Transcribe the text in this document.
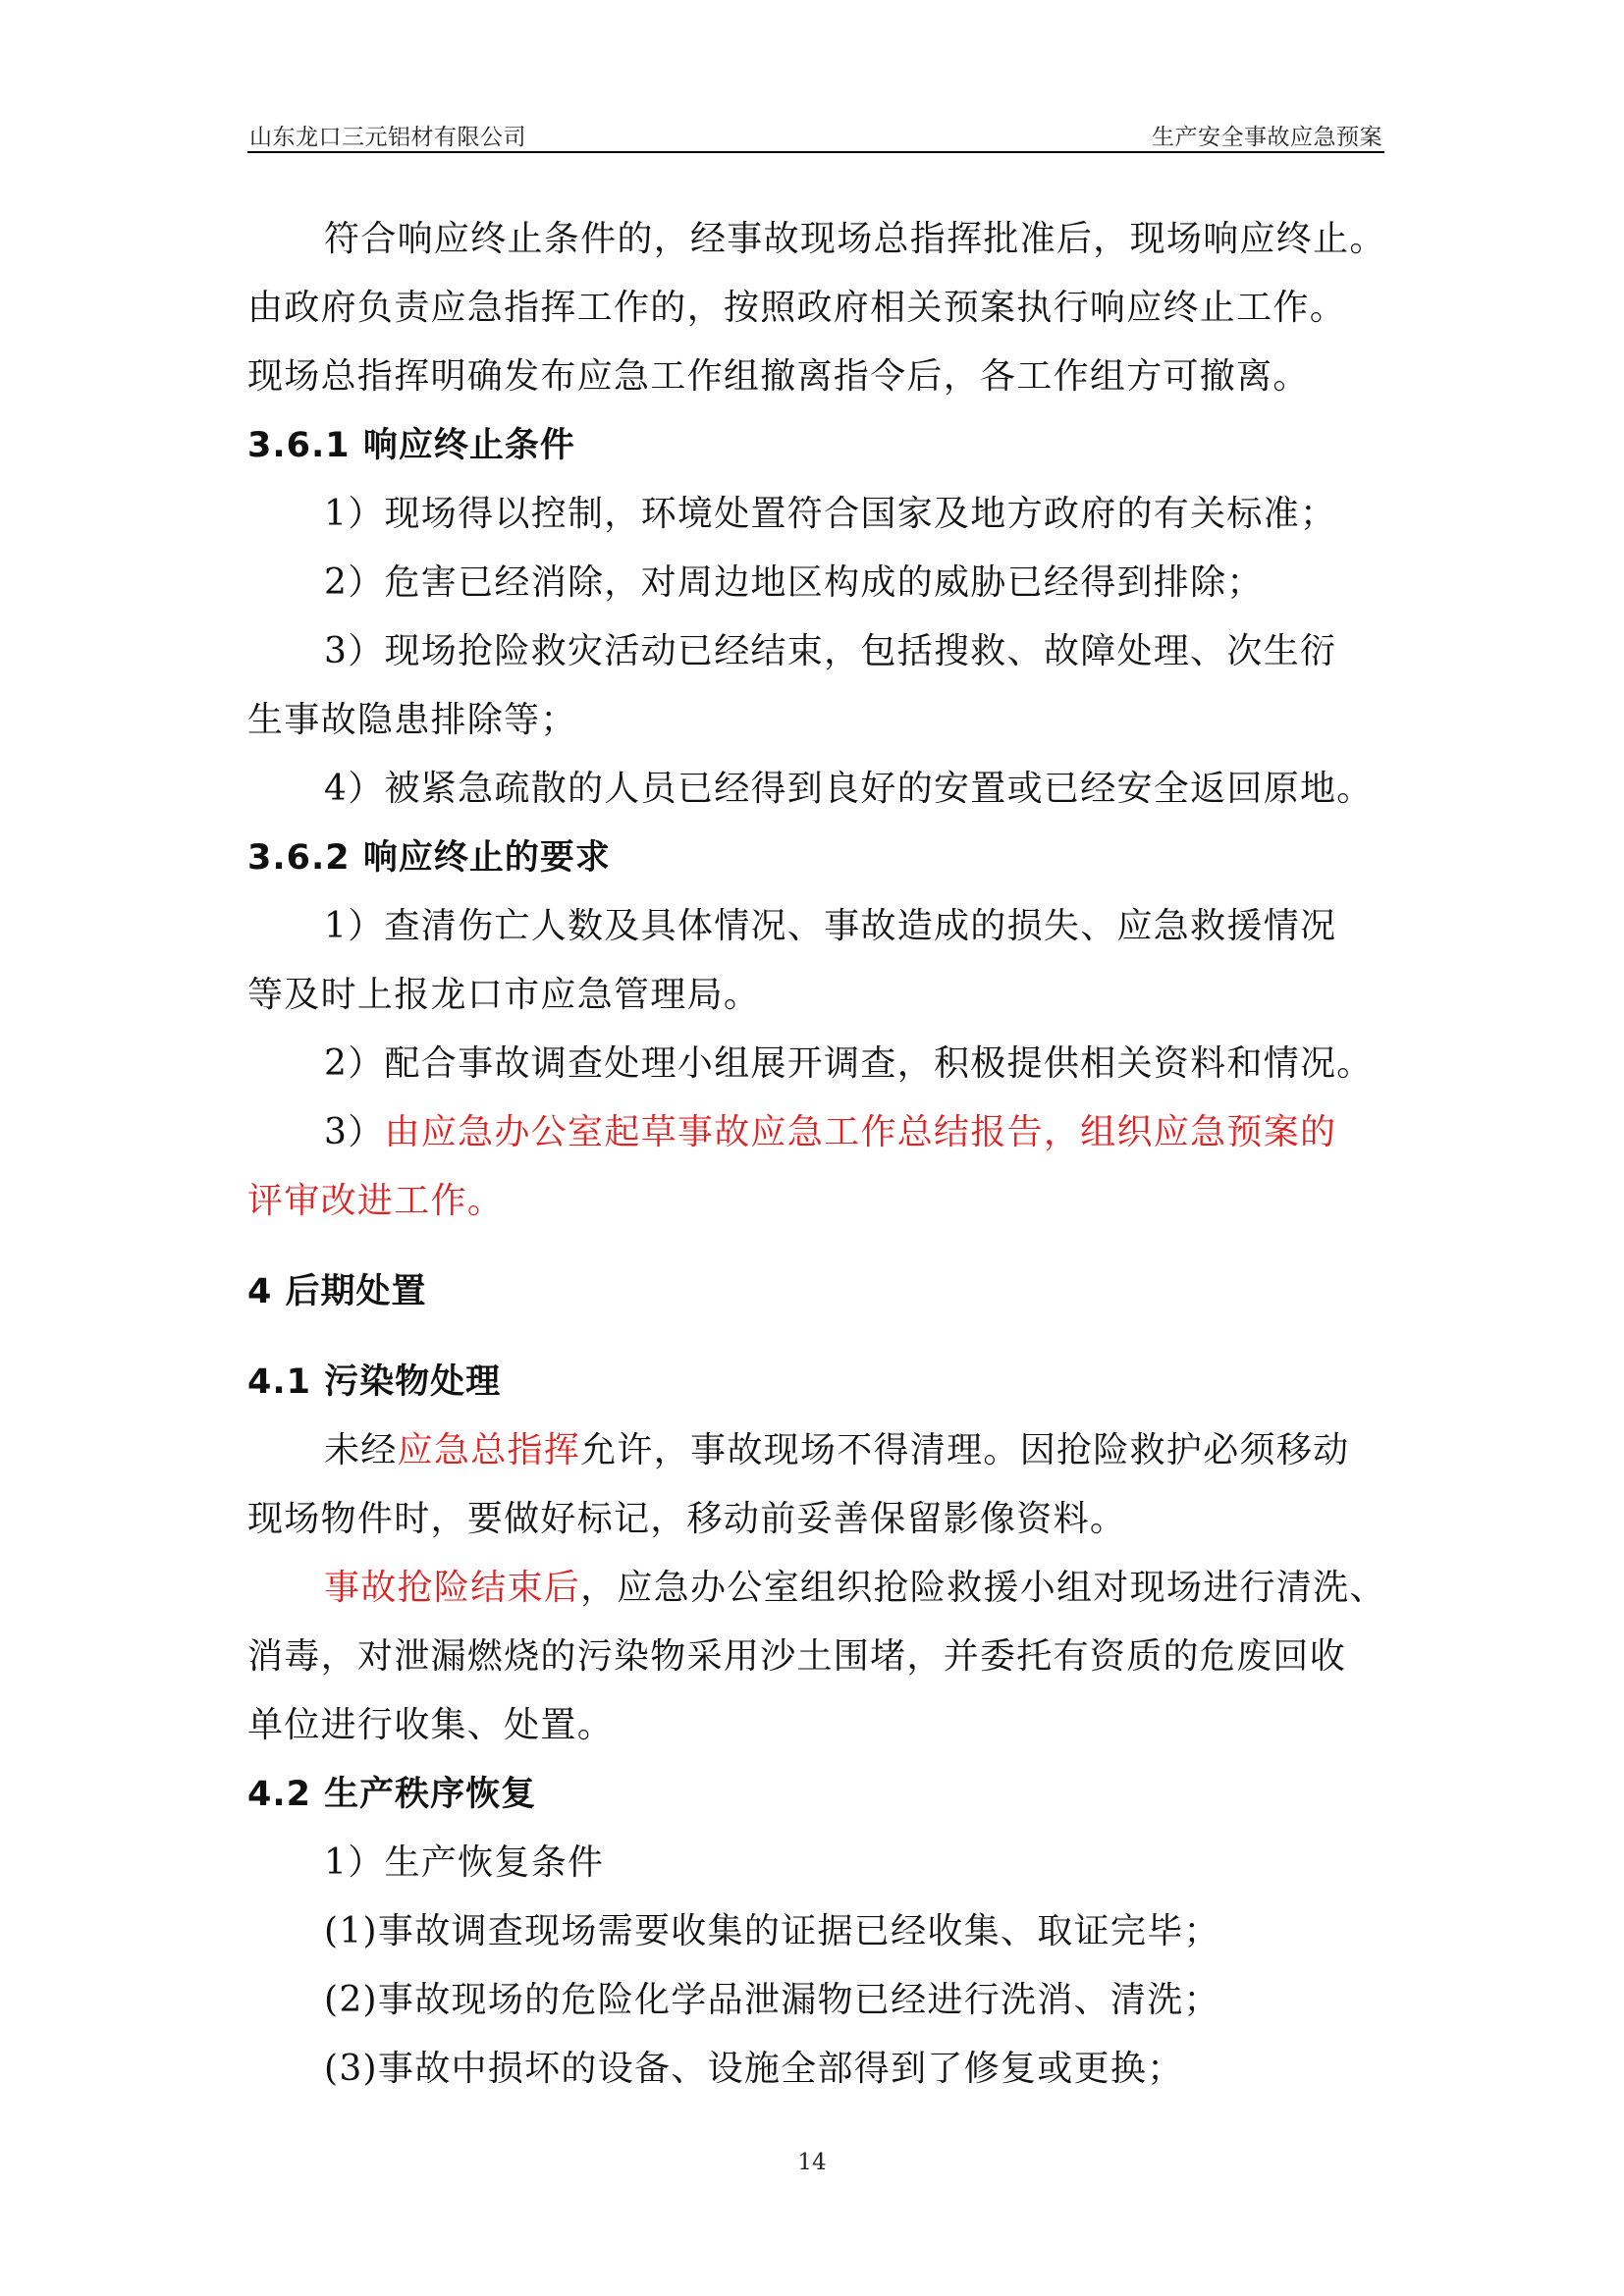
山东龙口三元铝材有限公司	生产安全事故应急预案
符合响应终止条件的，经事故现场总指挥批准后，现场响应终止。
由政府负责应急指挥工作的，按照政府相关预案执行响应终止工作。
现场总指挥明确发布应急工作组撤离指令后，各工作组方可撤离。
3.6.1 响应终止条件
1）现场得以控制，环境处置符合国家及地方政府的有关标准；
2）危害已经消除，对周边地区构成的威胁已经得到排除；
3）现场抢险救灾活动已经结束，包括搜救、故障处理、次生衍
生事故隐患排除等；
4）被紧急疏散的人员已经得到良好的安置或已经安全返回原地。
3.6.2 响应终止的要求
1）查清伤亡人数及具体情况、事故造成的损失、应急救援情况
等及时上报龙口市应急管理局。
2）配合事故调查处理小组展开调查，积极提供相关资料和情况。
3）由应急办公室起草事故应急工作总结报告，组织应急预案的
评审改进工作。
4 后期处置
4.1 污染物处理
未经应急总指挥允许，事故现场不得清理。因抢险救护必须移动
现场物件时，要做好标记，移动前妥善保留影像资料。
事故抢险结束后，应急办公室组织抢险救援小组对现场进行清洗、
消毒，对泄漏燃烧的污染物采用沙土围堵，并委托有资质的危废回收
单位进行收集、处置。
4.2 生产秩序恢复
1）生产恢复条件
(1)事故调查现场需要收集的证据已经收集、取证完毕；
(2)事故现场的危险化学品泄漏物已经进行洗消、清洗；
(3)事故中损坏的设备、设施全部得到了修复或更换；
14
